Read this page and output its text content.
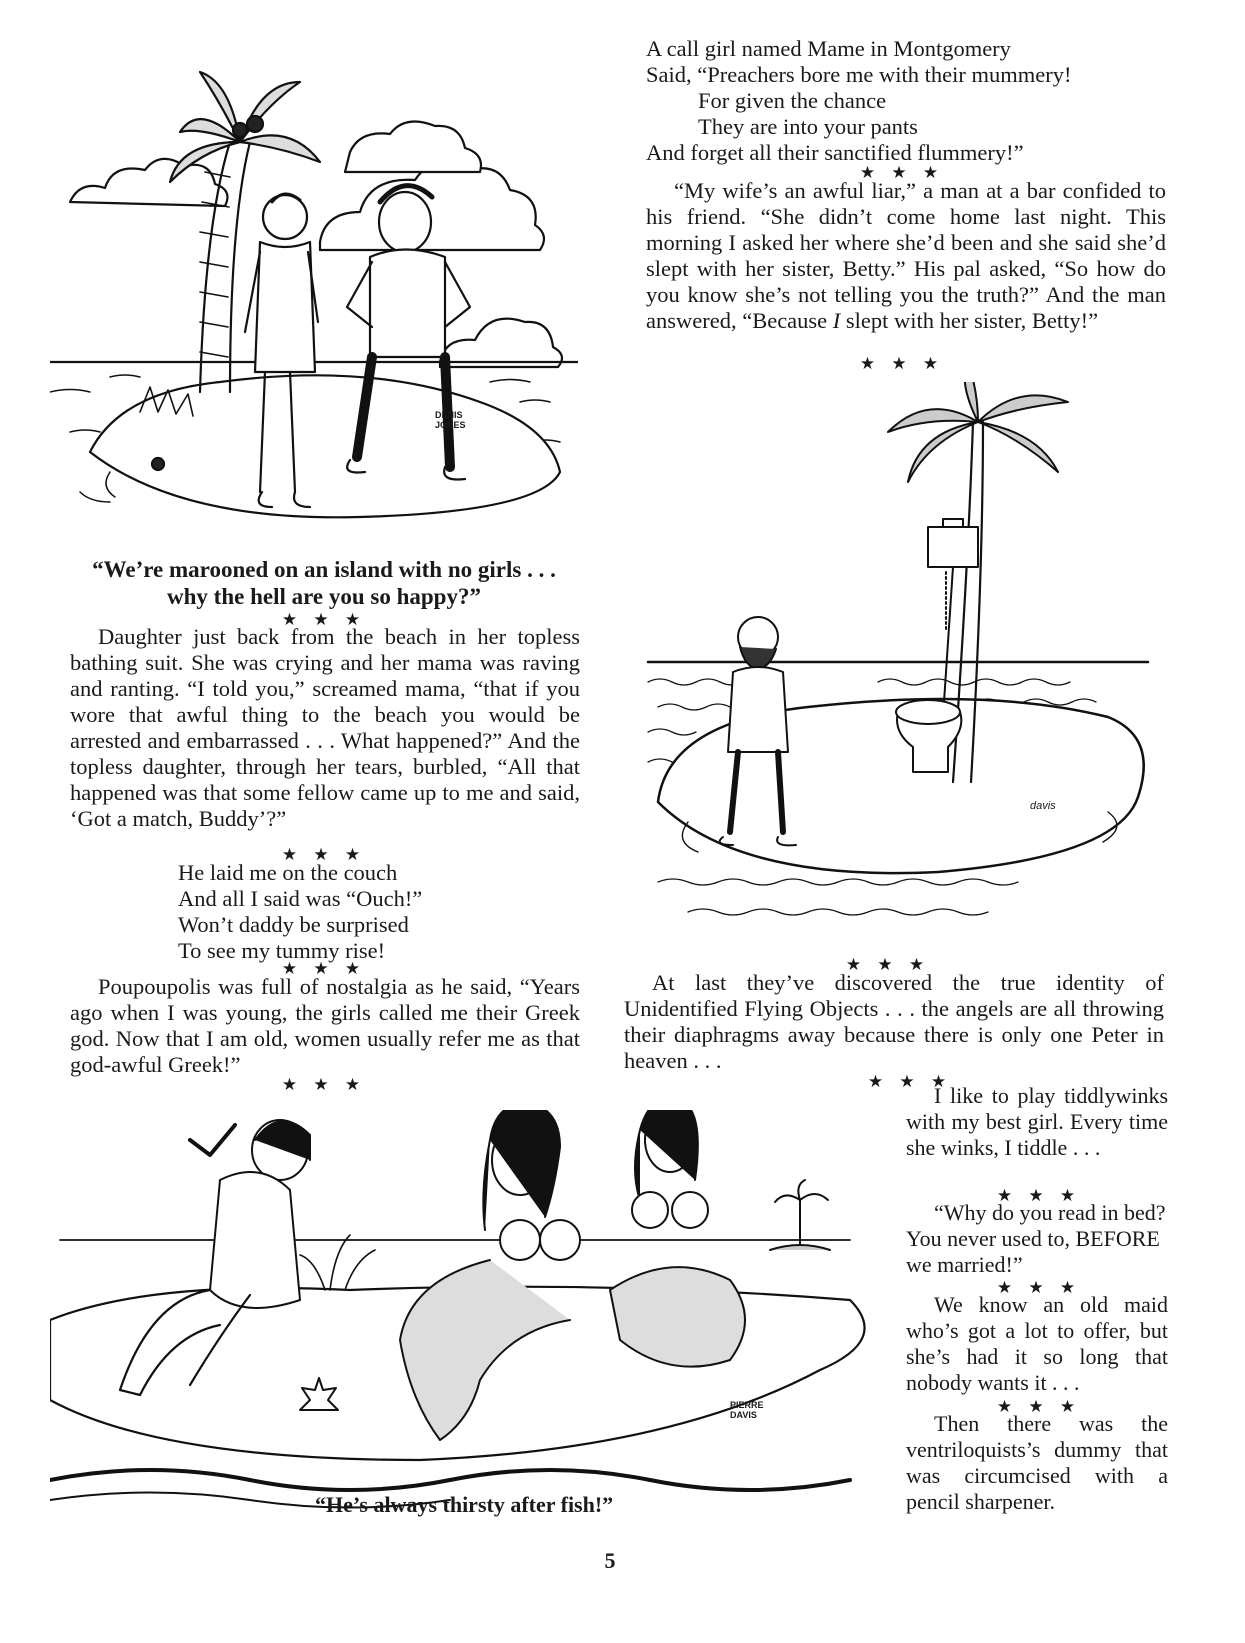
DENIS JONES
“We’re marooned on an island with no girls . . .
why the hell are you so happy?”
★ ★ ★

Daughter just back from the beach in her topless bathing suit. She was crying and her mama was raving and ranting. “I told you,” screamed mama, “that if you wore that awful thing to the beach you would be arrested and embarrassed . . . What happened?” And the topless daughter, through her tears, burbled, “All that happened was that some fellow came up to me and said, ‘Got a match, Buddy’?”

★ ★ ★
He laid me on the couch
And all I said was “Ouch!”
Won’t daddy be surprised
To see my tummy rise!
★ ★ ★

Poupoupolis was full of nostalgia as he said, “Years ago when I was young, the girls called me their Greek god. Now that I am old, women usually refer me as that god-awful Greek!”

★ ★ ★
A call girl named Mame in Montgomery
Said, “Preachers bore me with their mummery!
For given the chance
They are into your pants
And forget all their sanctified flummery!”
★ ★ ★

“My wife’s an awful liar,” a man at a bar confided to his friend. “She didn’t come home last night. This morning I asked her where she’d been and she said she’d slept with her sister, Betty.” His pal asked, “So how do you know she’s not telling you the truth?” And the man answered, “Because I slept with her sister, Betty!”

★ ★ ★
davis
★ ★ ★

At last they’ve discovered the true identity of Unidentified Flying Objects . . . the angels are all throwing their diaphragms away because there is only one Peter in heaven . . .

★ ★ ★
PIERRE
DAVIS
“He’s always thirsty after fish!”

I like to play tiddlywinks with my best girl. Every time she winks, I tiddle . . .

★ ★ ★

“Why do you read in bed? You never used to, BEFORE we married!”

★ ★ ★

We know an old maid who’s got a lot to offer, but she’s had it so long that nobody wants it . . .

★ ★ ★

Then there was the ventriloquists’s dummy that was circumcised with a pencil sharpener.

5
